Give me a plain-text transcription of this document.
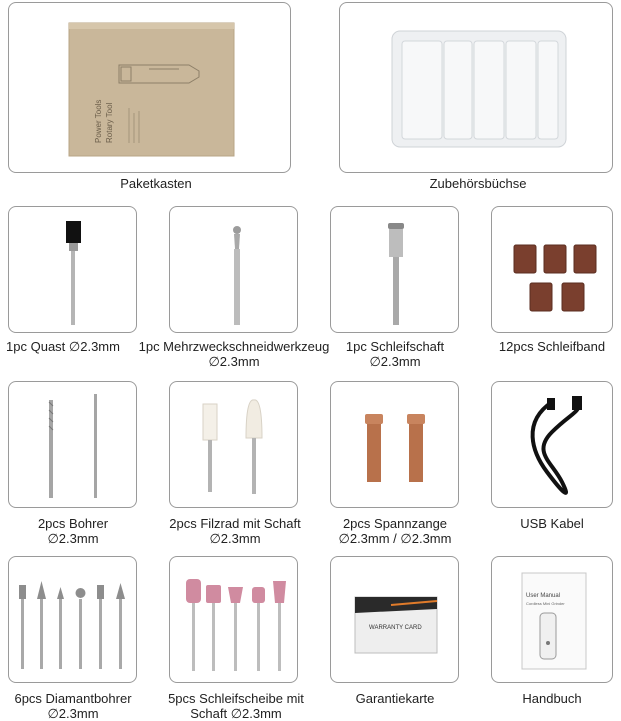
Power Tools Rotary Tool
Paketkasten	Zubehörsbüchse
1pc Quast ∅2.3mm	1pc Mehrzweckschneidwerkzeug
∅2.3mm
1pc Schleifschaft
∅2.3mm
12pcs Schleifband
2pcs Bohrer
∅2.3mm
2pcs Filzrad mit Schaft
∅2.3mm
2pcs Spannzange
∅2.3mm / ∅2.3mm
USB Kabel
6pcs Diamantbohrer
∅2.3mm
5pcs Schleifscheibe mit
Schaft ∅2.3mm
WARRANTY CARD
Garantiekarte
User Manual
Cordless Mini Grinder
Handbuch
